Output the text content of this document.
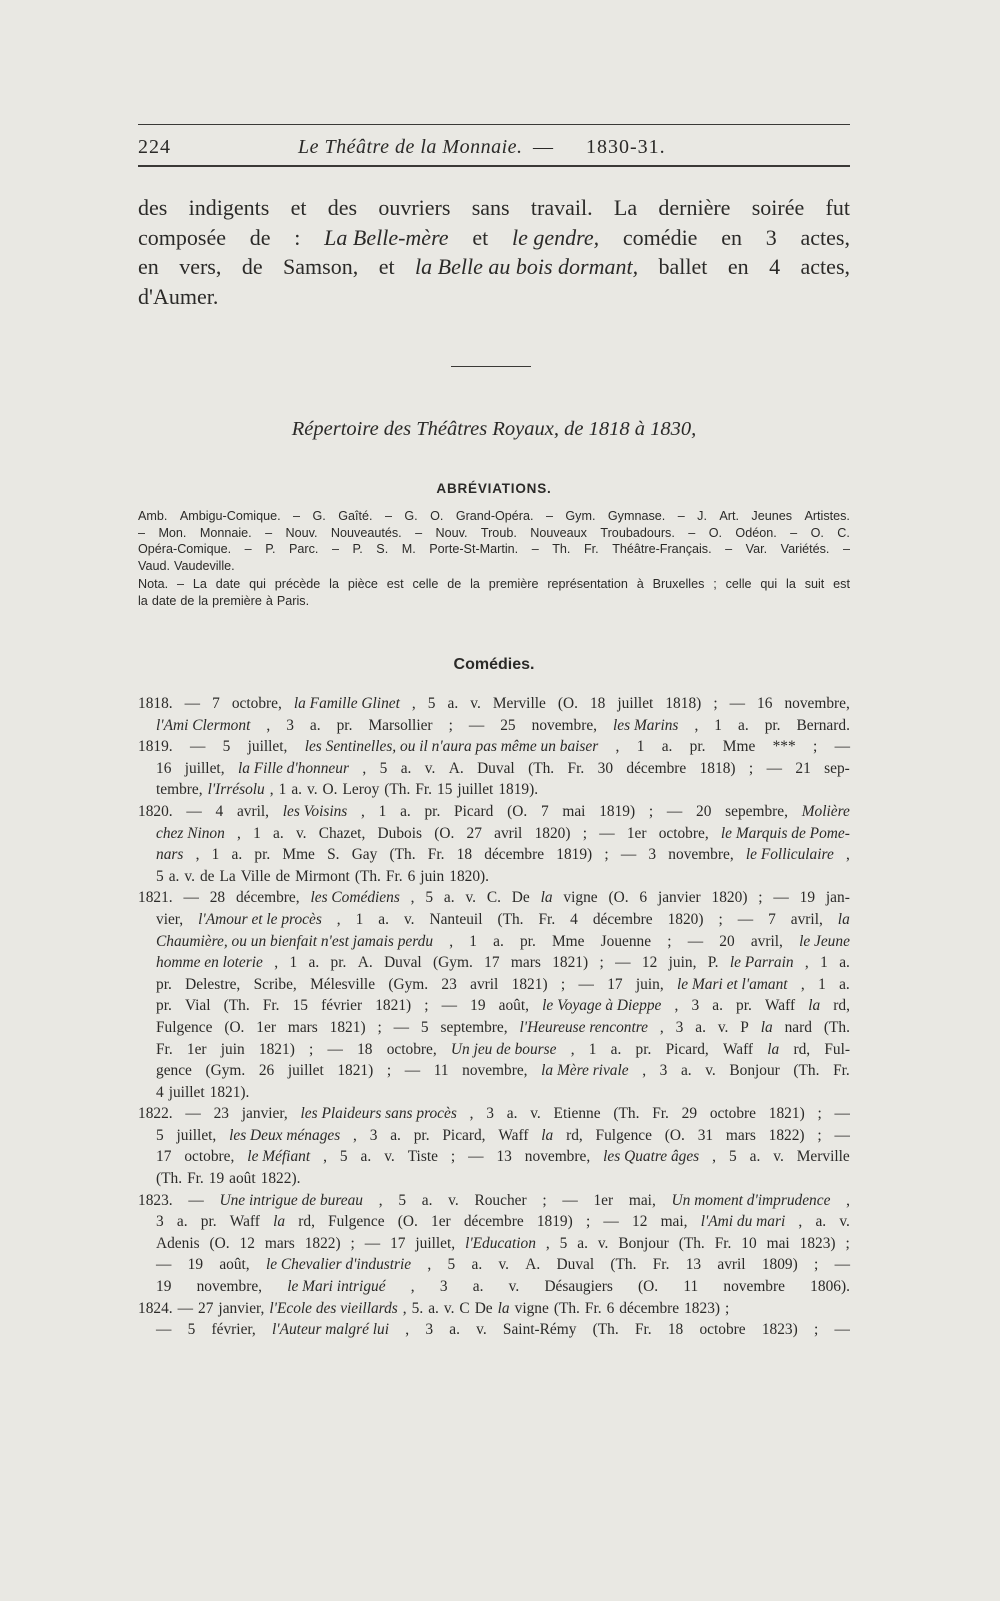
224	Le Théâtre de la Monnaie. — 1830-31.
des indigents et des ouvriers sans travail. La dernière soirée fut
composée de : La Belle-mère et le gendre, comédie en 3 actes,
en vers, de Samson, et la Belle au bois dormant, ballet en 4 actes,
d'Aumer.
Répertoire des Théâtres Royaux, de 1818 à 1830,
ABRÉVIATIONS.
Amb. Ambigu-Comique. – G. Gaîté. – G. O. Grand-Opéra. – Gym. Gymnase. – J. Art. Jeunes Artistes.
– Mon. Monnaie. – Nouv. Nouveautés. – Nouv. Troub. Nouveaux Troubadours. – O. Odéon. – O. C.
Opéra-Comique. – P. Parc. – P. S. M. Porte-St-Martin. – Th. Fr. Théâtre-Français. – Var. Variétés. –
Vaud. Vaudeville.
Nota. – La date qui précède la pièce est celle de la première représentation à Bruxelles ; celle qui la suit est
la date de la première à Paris.
Comédies.
1818. — 7 octobre, la Famille Glinet , 5 a. v. Merville (O. 18 juillet 1818) ; — 16 novembre,
l'Ami Clermont , 3 a. pr. Marsollier ; — 25 novembre, les Marins , 1 a. pr. Bernard.
1819. — 5 juillet, les Sentinelles, ou il n'aura pas même un baiser , 1 a. pr. Mme *** ; —
16 juillet, la Fille d'honneur , 5 a. v. A. Duval (Th. Fr. 30 décembre 1818) ; — 21 sep-
tembre, l'Irrésolu , 1 a. v. O. Leroy (Th. Fr. 15 juillet 1819).
1820. — 4 avril, les Voisins , 1 a. pr. Picard (O. 7 mai 1819) ; — 20 sepembre, Molière
chez Ninon , 1 a. v. Chazet, Dubois (O. 27 avril 1820) ; — 1er octobre, le Marquis de Pome-
nars , 1 a. pr. Mme S. Gay (Th. Fr. 18 décembre 1819) ; — 3 novembre, le Folliculaire ,
5 a. v. de La Ville de Mirmont (Th. Fr. 6 juin 1820).
1821. — 28 décembre, les Comédiens , 5 a. v. C. De la vigne (O. 6 janvier 1820) ; — 19 jan-
vier, l'Amour et le procès , 1 a. v. Nanteuil (Th. Fr. 4 décembre 1820) ; — 7 avril, la
Chaumière, ou un bienfait n'est jamais perdu , 1 a. pr. Mme Jouenne ; — 20 avril, le Jeune
homme en loterie , 1 a. pr. A. Duval (Gym. 17 mars 1821) ; — 12 juin, P. le Parrain , 1 a.
pr. Delestre, Scribe, Mélesville (Gym. 23 avril 1821) ; — 17 juin, le Mari et l'amant , 1 a.
pr. Vial (Th. Fr. 15 février 1821) ; — 19 août, le Voyage à Dieppe , 3 a. pr. Waff la rd,
Fulgence (O. 1er mars 1821) ; — 5 septembre, l'Heureuse rencontre , 3 a. v. P la nard (Th.
Fr. 1er juin 1821) ; — 18 octobre, Un jeu de bourse , 1 a. pr. Picard, Waff la rd, Ful-
gence (Gym. 26 juillet 1821) ; — 11 novembre, la Mère rivale , 3 a. v. Bonjour (Th. Fr.
4 juillet 1821).
1822. — 23 janvier, les Plaideurs sans procès , 3 a. v. Etienne (Th. Fr. 29 octobre 1821) ; —
5 juillet, les Deux ménages , 3 a. pr. Picard, Waff la rd, Fulgence (O. 31 mars 1822) ; —
17 octobre, le Méfiant , 5 a. v. Tiste ; — 13 novembre, les Quatre âges , 5 a. v. Merville
(Th. Fr. 19 août 1822).
1823. — Une intrigue de bureau , 5 a. v. Roucher ; — 1er mai, Un moment d'imprudence ,
3 a. pr. Waff la rd, Fulgence (O. 1er décembre 1819) ; — 12 mai, l'Ami du mari , a. v.
Adenis (O. 12 mars 1822) ; — 17 juillet, l'Education , 5 a. v. Bonjour (Th. Fr. 10 mai 1823) ;
— 19 août, le Chevalier d'industrie , 5 a. v. A. Duval (Th. Fr. 13 avril 1809) ; —
19 novembre, le Mari intrigué , 3 a. v. Désaugiers (O. 11 novembre 1806).
1824. — 27 janvier, l'Ecole des vieillards , 5. a. v. C De la vigne (Th. Fr. 6 décembre 1823) ;
— 5 février, l'Auteur malgré lui , 3 a. v. Saint-Rémy (Th. Fr. 18 octobre 1823) ; —
